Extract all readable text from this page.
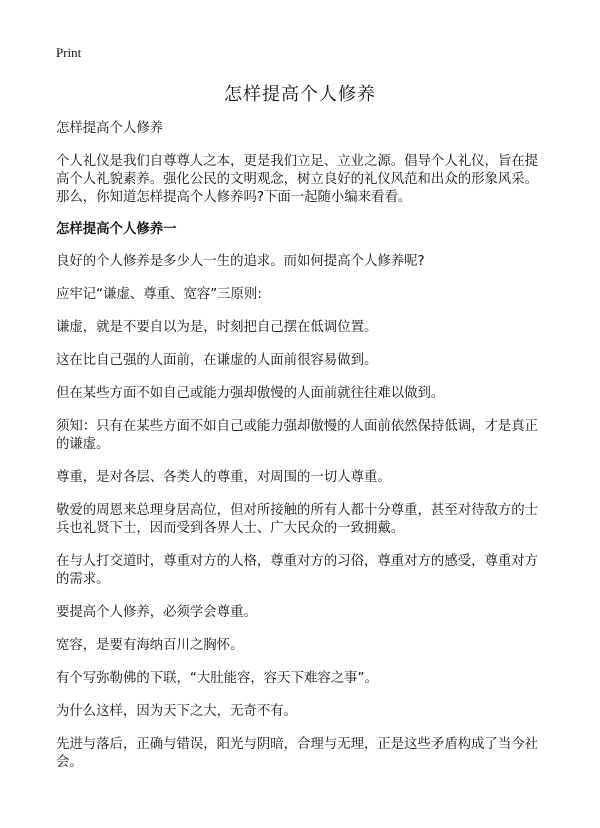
Print
怎样提高个人修养

怎样提高个人修养

个人礼仪是我们自尊尊人之本，更是我们立足、立业之源。倡导个人礼仪，旨在提高个人礼貌素养。强化公民的文明观念，树立良好的礼仪风范和出众的形象风采。那么，你知道怎样提高个人修养吗?下面一起随小编来看看。

怎样提高个人修养一

良好的个人修养是多少人一生的追求。而如何提高个人修养呢?

应牢记“谦虚、尊重、宽容”三原则:

谦虚，就是不要自以为是，时刻把自己摆在低调位置。

这在比自己强的人面前，在谦虚的人面前很容易做到。

但在某些方面不如自己或能力强却傲慢的人面前就往往难以做到。

须知：只有在某些方面不如自己或能力强却傲慢的人面前依然保持低调，才是真正的谦虚。

尊重，是对各层、各类人的尊重，对周围的一切人尊重。

敬爱的周恩来总理身居高位，但对所接触的所有人都十分尊重，甚至对待敌方的士兵也礼贤下士，因而受到各界人士、广大民众的一致拥戴。

在与人打交道时，尊重对方的人格，尊重对方的习俗，尊重对方的感受，尊重对方的需求。

要提高个人修养，必须学会尊重。

宽容，是要有海纳百川之胸怀。

有个写弥勒佛的下联，“大肚能容，容天下难容之事”。

为什么这样，因为天下之大，无奇不有。

先进与落后，正确与错误，阳光与阴暗，合理与无理，正是这些矛盾构成了当今社会。
